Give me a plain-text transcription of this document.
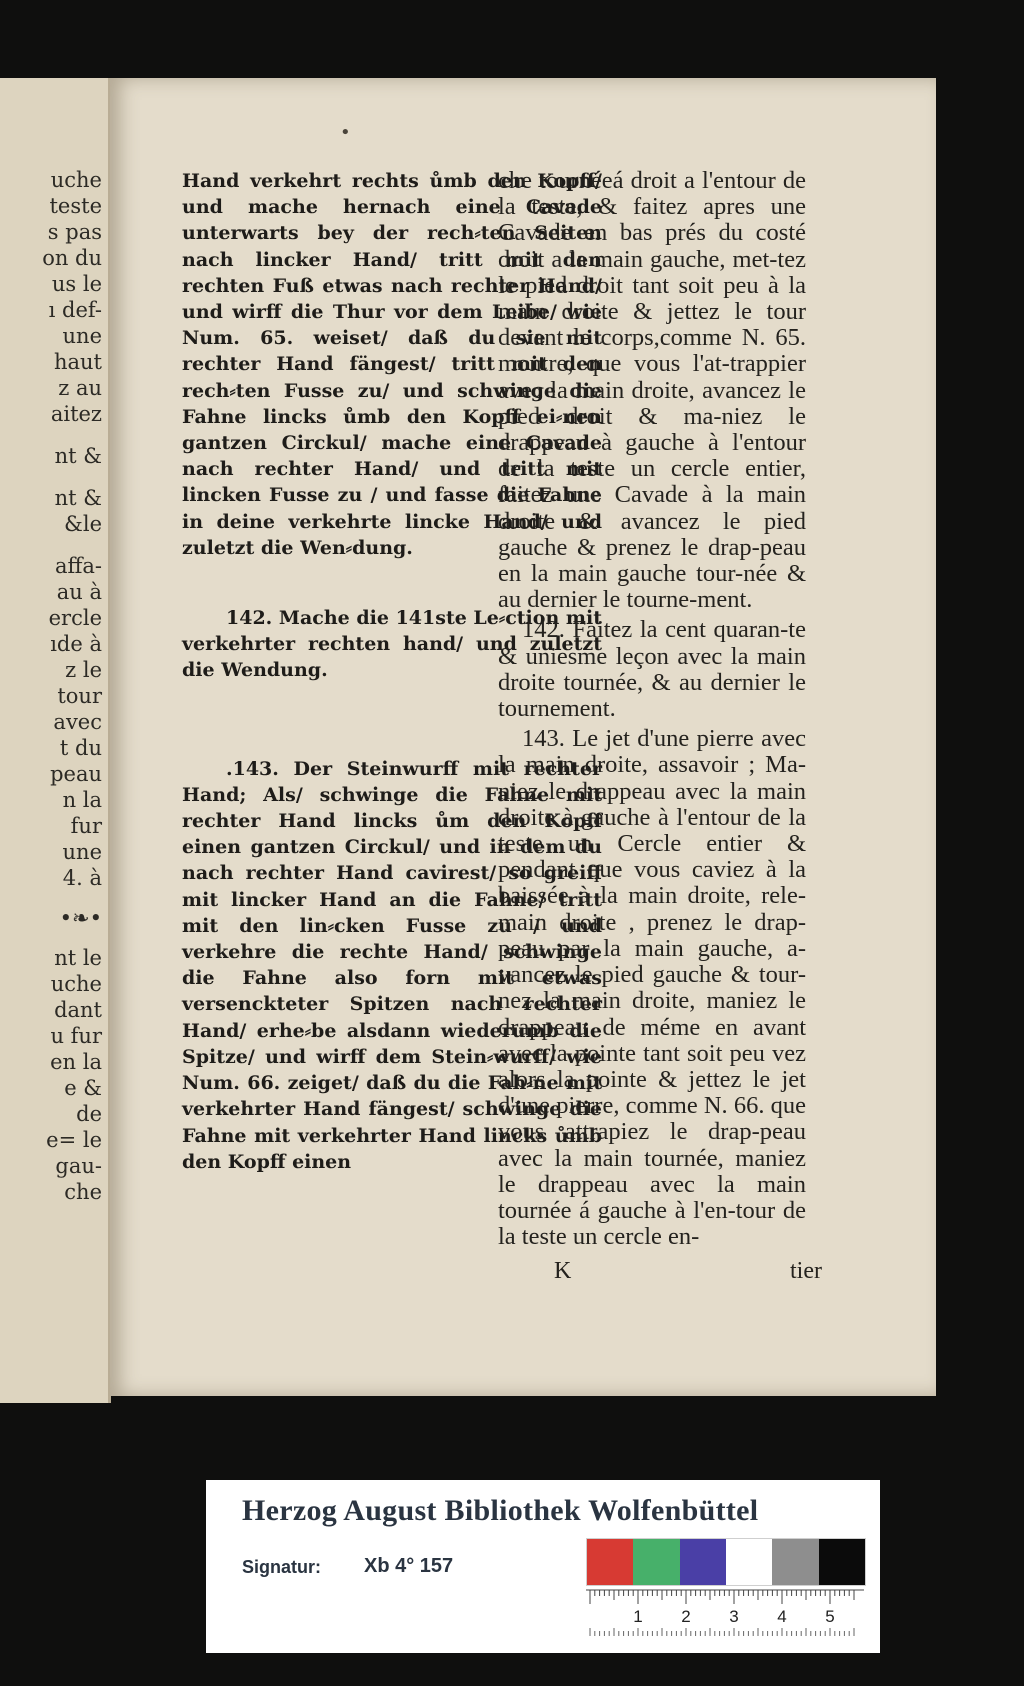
uche
teste
s pas
on du
us le
ı def-
une
haut
z au
aitez
nt &
nt &
&le
affa-
au à
ercle
ıde à
z le
tour
avec
t du
peau
n la
fur
une
4. à
•❧•
nt le
uche
dant
u fur
en la
e &
de
e= le
gau-
che
•

Hand verkehrt rechts ůmb den Kopff/ und mache hernach eine Cavade unterwarts bey der rech⸗ten Seiten nach lincker Hand/ tritt mit den rechten Fuß etwas nach rechter Hand/ und wirff die Thur vor dem Leibe/ wie Num. 65. weiset/ daß du sie mit rechter Hand fängest/ tritt mit den rech⸗ten Fusse zu/ und schwinge die Fahne lincks ůmb den Kopff ei⸗nen gantzen Circkul/ mache eine Cavade nach rechter Hand/ und tritt mit lincken Fusse zu / und fasse die Fahne in deine verkehrte lincke Hand/ und zuletzt die Wen⸗dung.

142. Mache die 141ste Le⸗ction mit verkehrter rechten hand/ und zuletzt die Wendung.

.143. Der Steinwurff mit rechter Hand; Als/ schwinge die Fahne mit rechter Hand lincks ům den Kopff einen gantzen Circkul/ und in dem du nach rechter Hand cavirest/ so greiff mit lincker Hand an die Fahne/ tritt mit den lin⸗cken Fusse zu / und verkehre die rechte Hand/ schwinge die Fahne also forn mit etwas versenckteter Spitzen nach rechter Hand/ erhe⸗be alsdann wiederumb die Spitze/ und wirff dem Stein⸗wurff/ wie Num. 66. zeiget/ daß du die Fah⸗ne mit verkehrter Hand fängest/ schwinge die Fahne mit verkehrter Hand lincks ůmb den Kopff einen

che tournéeá droit a l'entour de la teste, & faitez apres une Cavade en bas prés du costé droit a la main gauche, met-tez le pied droit tant soit peu à la main droite & jettez le tour devant le corps,comme N. 65. montre, que vous l'at-trappier avec la main droite, avancez le pied droit & ma-niez le drappeau à gauche à l'entour de la teste un cercle entier, faitez une Cavade à la main droite & avancez le pied gauche & prenez le drap-peau en la main gauche tour-née & au dernier le tourne-ment.

142. Faitez la cent quaran-te & uniesme leçon avec la main droite tournée, & au dernier le tournement.

143. Le jet d'une pierre avec la main droite, assavoir ; Ma-niez le drappeau avec la main droite à gauche à l'entour de la teste un Cercle entier & pendant que vous caviez à la baissée à la main droite, rele-main droite , prenez le drap-peau par la main gauche, a-vancez le pied gauche & tour-nez la main droite, maniez le drappeau de méme en avant avec la pointe tant soit peu vez alors la pointe & jettez le jet d'une pierre, comme N. 66. que vous attrapiez le drap-peau avec la main tournée, maniez le drappeau avec la main tournée á gauche à l'en-tour de la teste un cercle en-

K	tier
Herzog August Bibliothek Wolfenbüttel
Signatur: Xb 4° 157
1 2 3 4 5
